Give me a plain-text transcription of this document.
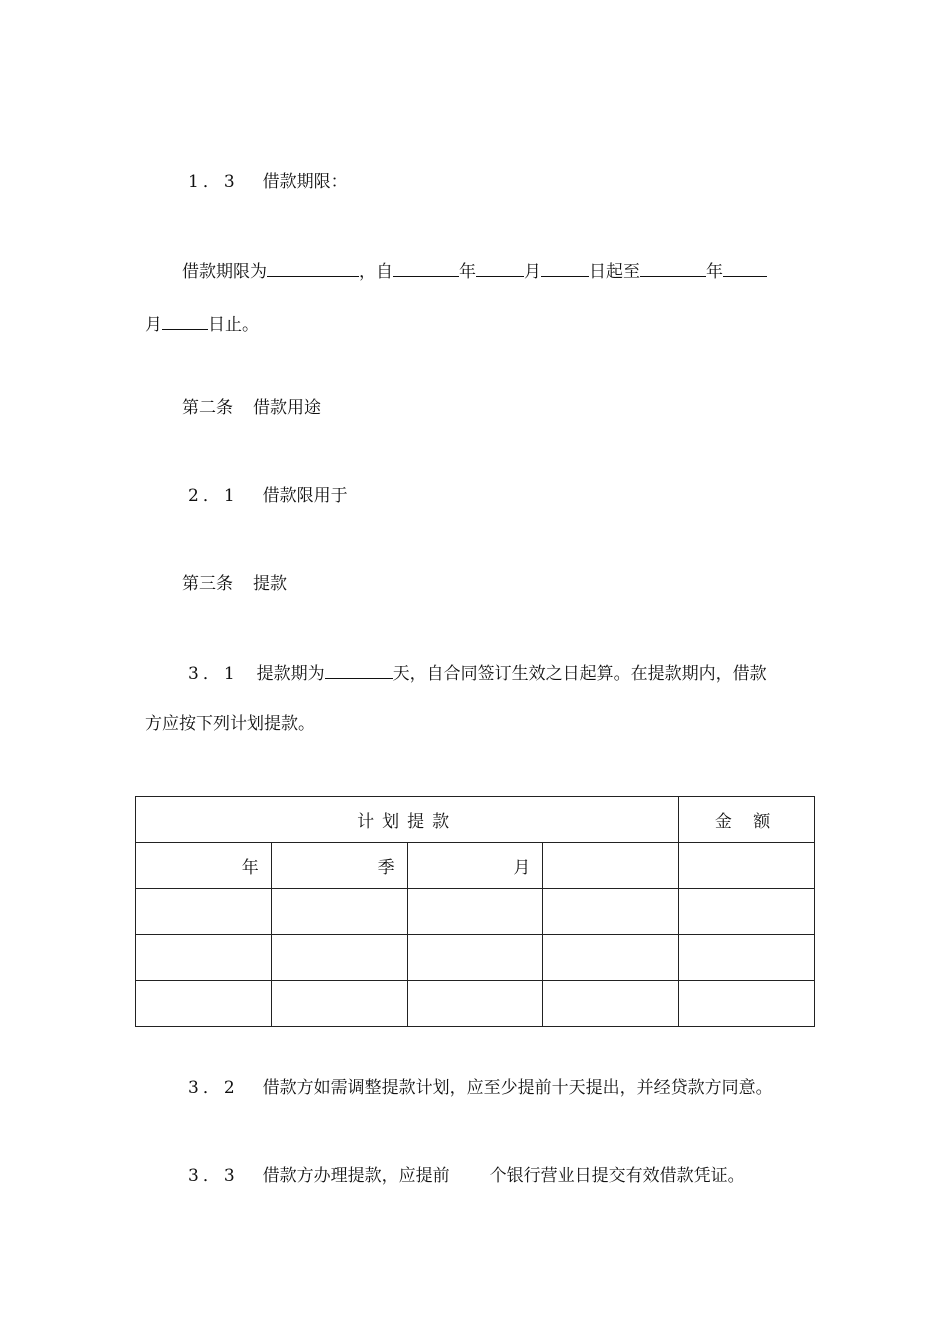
1．3 借款期限：
借款期限为	，自	年	月	日起至	年
月	日止。
第二条 借款用途
2．1 借款限用于
第三条 提款
3．1 提款期为	天，自合同签订生效之日起算。在提款期内，借款
方应按下列计划提款。
计划提款				金 额
年	季	月		

3．2 借款方如需调整提款计划，应至少提前十天提出，并经贷款方同意。
3．3 借款方办理提款，应提前 个银行营业日提交有效借款凭证。
